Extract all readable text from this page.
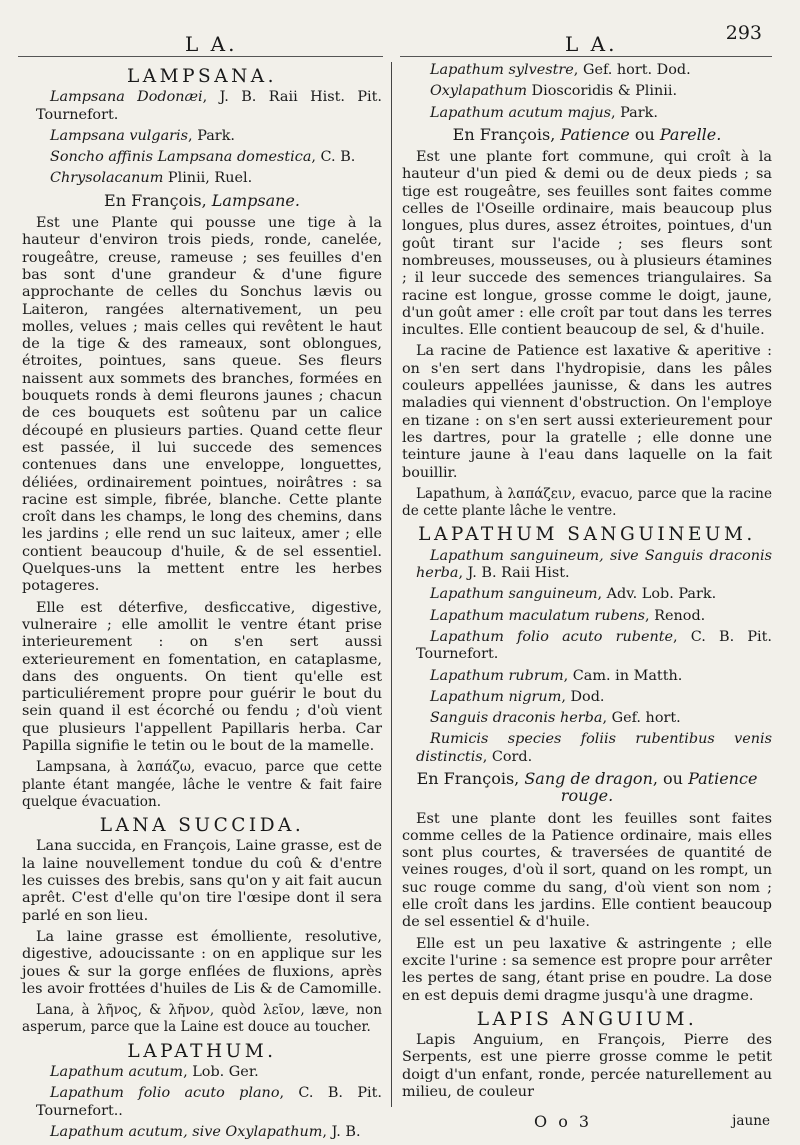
293
L A.	L A.
LAMPSANA.

Lampsana Dodonæi, J. B. Raii Hist. Pit. Tournefort.

Lampsana vulgaris, Park.

Soncho affinis Lampsana domestica, C. B.

Chrysolacanum Plinii, Ruel.

En François, Lampsane.

Est une Plante qui pousse une tige à la hauteur d'environ trois pieds, ronde, canelée, rougeâtre, creuse, rameuse ; ses feuilles d'en bas sont d'une grandeur & d'une figure approchante de celles du Sonchus lævis ou Laiteron, rangées alternativement, un peu molles, velues ; mais celles qui revêtent le haut de la tige & des rameaux, sont oblongues, étroites, pointues, sans queue. Ses fleurs naissent aux sommets des branches, formées en bouquets ronds à demi fleurons jaunes ; chacun de ces bouquets est soûtenu par un calice découpé en plusieurs parties. Quand cette fleur est passée, il lui succede des semences contenues dans une enveloppe, longuettes, déliées, ordinairement pointues, noirâtres : sa racine est simple, fibrée, blanche. Cette plante croît dans les champs, le long des chemins, dans les jardins ; elle rend un suc laiteux, amer ; elle contient beaucoup d'huile, & de sel essentiel. Quelques-uns la mettent entre les herbes potageres.

Elle est déterfive, desficcative, digestive, vulneraire ; elle amollit le ventre étant prise interieurement : on s'en sert aussi exterieurement en fomentation, en cataplasme, dans des onguents. On tient qu'elle est particuliérement propre pour guérir le bout du sein quand il est écorché ou fendu ; d'où vient que plusieurs l'appellent Papillaris herba. Car Papilla signifie le tetin ou le bout de la mamelle.

Lampsana, à λαπάζω, evacuo, parce que cette plante étant mangée, lâche le ventre & fait faire quelque évacuation.

LANA SUCCIDA.

Lana succida, en François, Laine grasse, est de la laine nouvellement tondue du coû & d'entre les cuisses des brebis, sans qu'on y ait fait aucun aprêt. C'est d'elle qu'on tire l'œsipe dont il sera parlé en son lieu.

La laine grasse est émolliente, resolutive, digestive, adoucissante : on en applique sur les joues & sur la gorge enflées de fluxions, après les avoir frottées d'huiles de Lis & de Camomille.

Lana, à λῆνος, & λῆνον, quòd λεῖον, læve, non asperum, parce que la Laine est douce au toucher.

LAPATHUM.

Lapathum acutum, Lob. Ger.

Lapathum folio acuto plano, C. B. Pit. Tournefort..

Lapathum acutum, sive Oxylapathum, J. B.

Lapathum sylvestre, Gef. hort. Dod.

Oxylapathum Dioscoridis & Plinii.

Lapathum acutum majus, Park.

En François, Patience ou Parelle.

Est une plante fort commune, qui croît à la hauteur d'un pied & demi ou de deux pieds ; sa tige est rougeâtre, ses feuilles sont faites comme celles de l'Oseille ordinaire, mais beaucoup plus longues, plus dures, assez étroites, pointues, d'un goût tirant sur l'acide ; ses fleurs sont nombreuses, mousseuses, ou à plusieurs étamines ; il leur succede des semences triangulaires. Sa racine est longue, grosse comme le doigt, jaune, d'un goût amer : elle croît par tout dans les terres incultes. Elle contient beaucoup de sel, & d'huile.

La racine de Patience est laxative & aperitive : on s'en sert dans l'hydropisie, dans les pâles couleurs appellées jaunisse, & dans les autres maladies qui viennent d'obstruction. On l'employe en tizane : on s'en sert aussi exterieurement pour les dartres, pour la gratelle ; elle donne une teinture jaune à l'eau dans laquelle on la fait bouillir.

Lapathum, à λαπάζειν, evacuo, parce que la racine de cette plante lâche le ventre.

LAPATHUM SANGUINEUM.

Lapathum sanguineum, sive Sanguis draconis herba, J. B. Raii Hist.

Lapathum sanguineum, Adv. Lob. Park.

Lapathum maculatum rubens, Renod.

Lapathum folio acuto rubente, C. B. Pit. Tournefort.

Lapathum rubrum, Cam. in Matth.

Lapathum nigrum, Dod.

Sanguis draconis herba, Gef. hort.

Rumicis species foliis rubentibus venis distinctis, Cord.

En François, Sang de dragon, ou Patience rouge.

Est une plante dont les feuilles sont faites comme celles de la Patience ordinaire, mais elles sont plus courtes, & traversées de quantité de veines rouges, d'où il sort, quand on les rompt, un suc rouge comme du sang, d'où vient son nom ; elle croît dans les jardins. Elle contient beaucoup de sel essentiel & d'huile.

Elle est un peu laxative & astringente ; elle excite l'urine : sa semence est propre pour arrêter les pertes de sang, étant prise en poudre. La dose en est depuis demi dragme jusqu'à une dragme.

LAPIS ANGUIUM.

Lapis Anguium, en François, Pierre des Serpents, est une pierre grosse comme le petit doigt d'un enfant, ronde, percée naturellement au milieu, de couleur

O o 3	jaune
